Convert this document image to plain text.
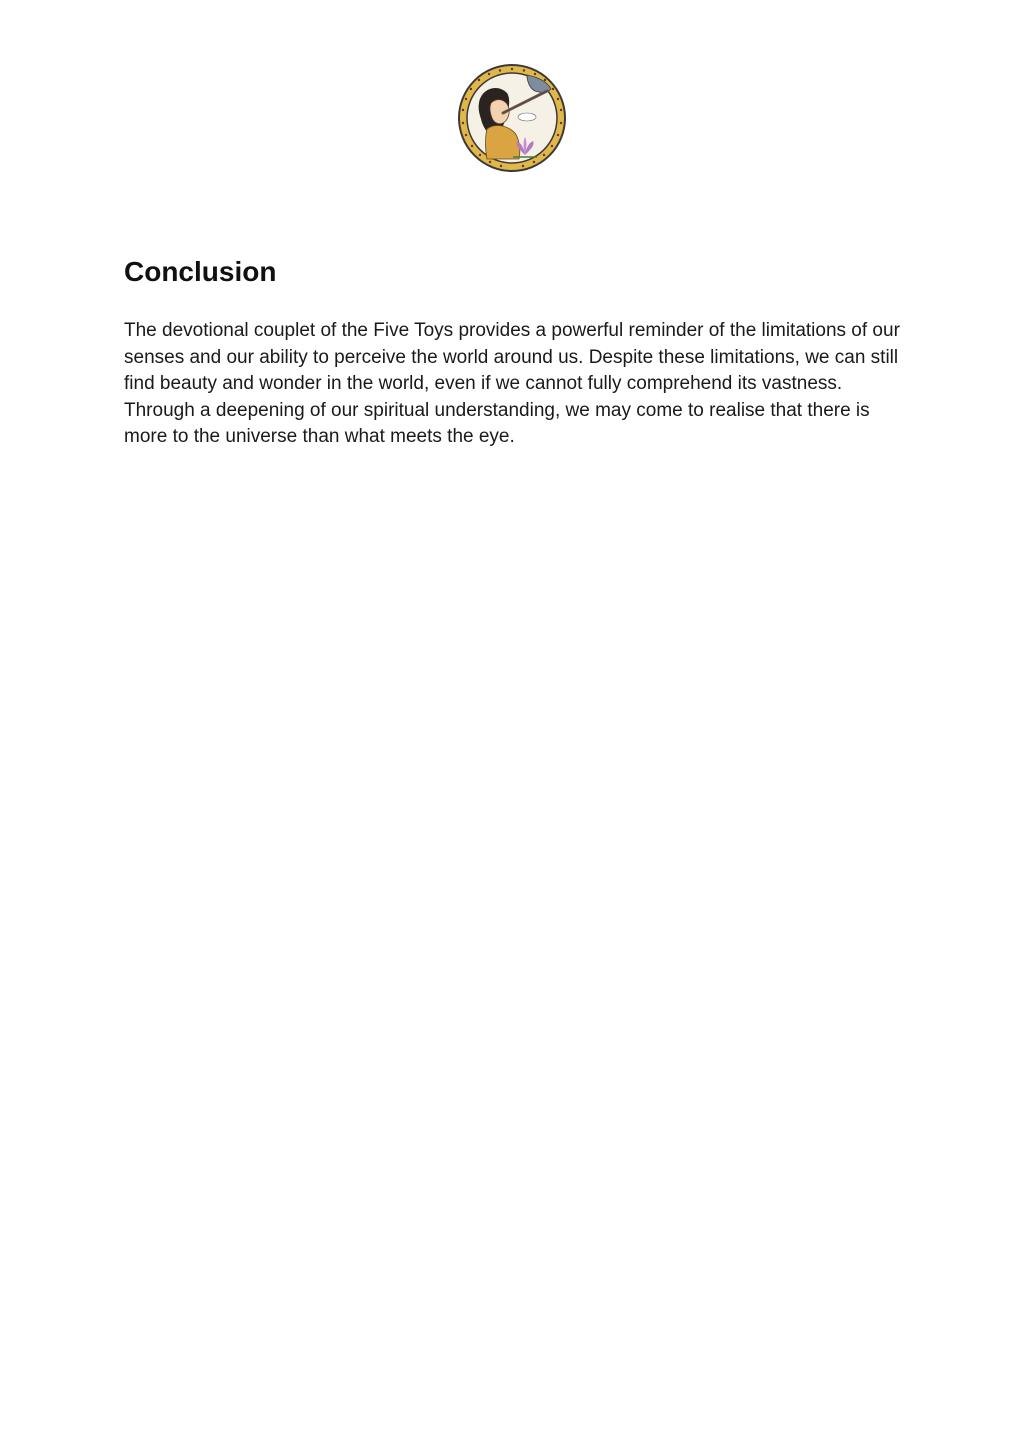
Conclusion

The devotional couplet of the Five Toys provides a powerful reminder of the limitations of our senses and our ability to perceive the world around us. Despite these limitations, we can still find beauty and wonder in the world, even if we cannot fully comprehend its vastness. Through a deepening of our spiritual understanding, we may come to realise that there is more to the universe than what meets the eye.
